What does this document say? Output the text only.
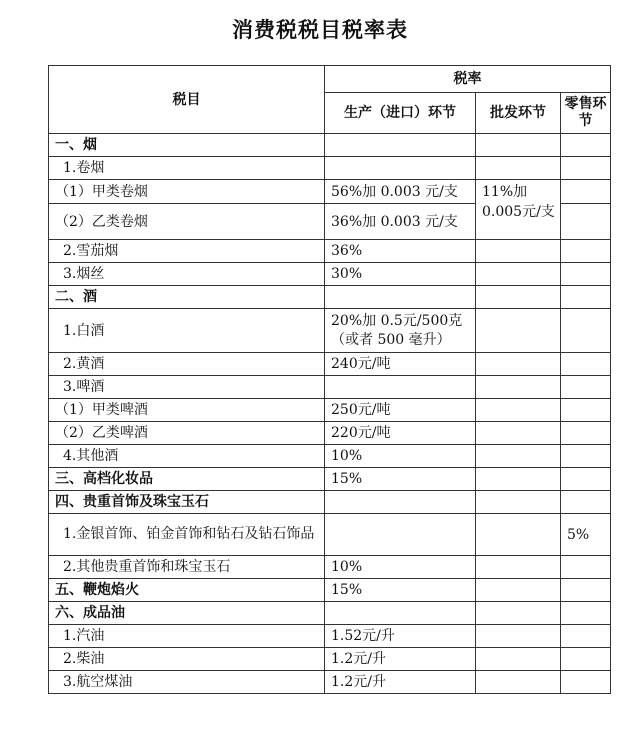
消费税税目税率表
税目	税率		
	生产（进口）环节	批发环节	零售环节
一、烟			
1.卷烟			
（1）甲类卷烟	56%加 0.003 元/支	11%加 0.005元/支	
（2）乙类卷烟	36%加 0.003 元/支		
2.雪茄烟	36%		
3.烟丝	30%		
二、酒			
1.白酒	20%加 0.5元/500克（或者 500 毫升）		
2.黄酒	240元/吨		
3.啤酒			
（1）甲类啤酒	250元/吨		
（2）乙类啤酒	220元/吨		
4.其他酒	10%		
三、高档化妆品	15%		
四、贵重首饰及珠宝玉石			
1.金银首饰、铂金首饰和钻石及钻石饰品			5%
2.其他贵重首饰和珠宝玉石	10%		
五、鞭炮焰火	15%		
六、成品油			
1.汽油	1.52元/升		
2.柴油	1.2元/升		
3.航空煤油	1.2元/升		
